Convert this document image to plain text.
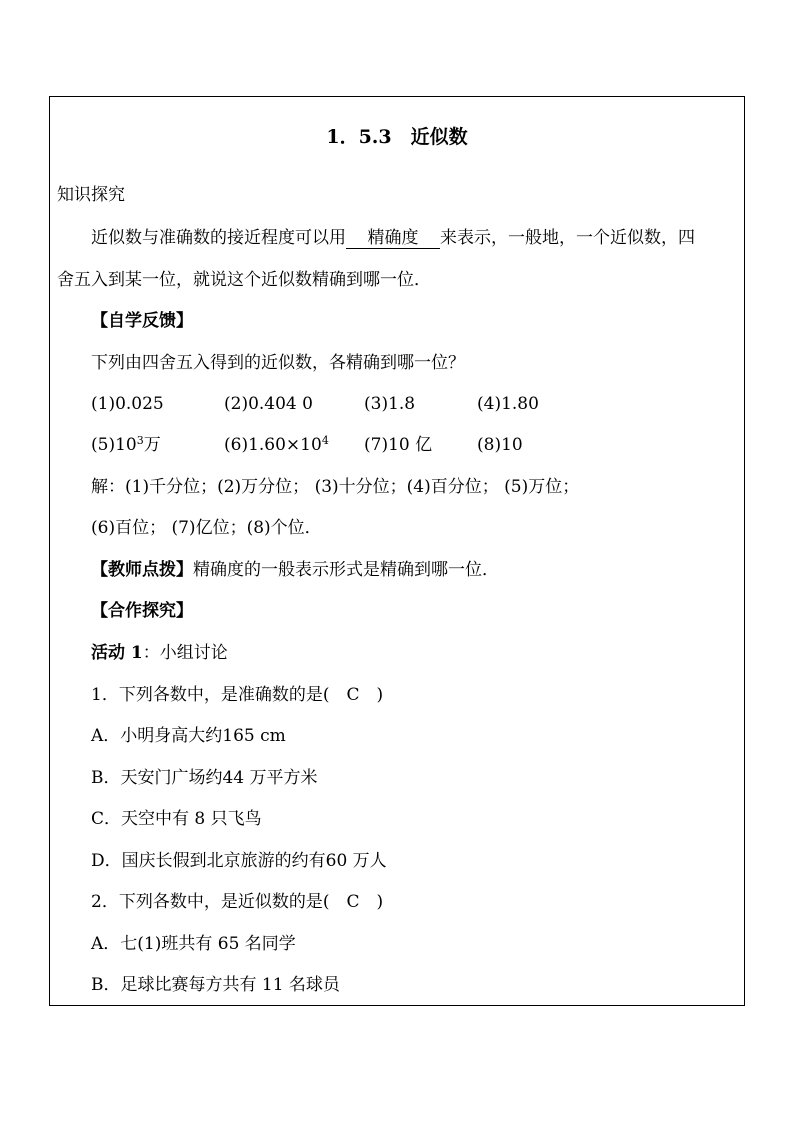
1．5.3　近似数
知识探究
近似数与准确数的接近程度可以用 精确度 来表示，一般地，一个近似数，四
舍五入到某一位，就说这个近似数精确到哪一位．
【自学反馈】
下列由四舍五入得到的近似数，各精确到哪一位？
(1)0.025	(2)0.404 0	(3)1.8	(4)1.80
$(5)10^3$万	$(6)1.60\times 10^4$ (7)10 亿	(8)10
解：(1)千分位；(2)万分位； (3)十分位；(4)百分位； (5)万位；
(6)百位； (7)亿位；(8)个位．
【教师点拨】精确度的一般表示形式是精确到哪一位．
【合作探究】
活动 1：小组讨论
1．下列各数中，是准确数的是(　C　)
A．小明身高大约165 cm
B．天安门广场约44 万平方米
C．天空中有 8 只飞鸟
D．国庆长假到北京旅游的约有60 万人
2．下列各数中，是近似数的是(　C　)
A．七(1)班共有 65 名同学
B．足球比赛每方共有 11 名球员
